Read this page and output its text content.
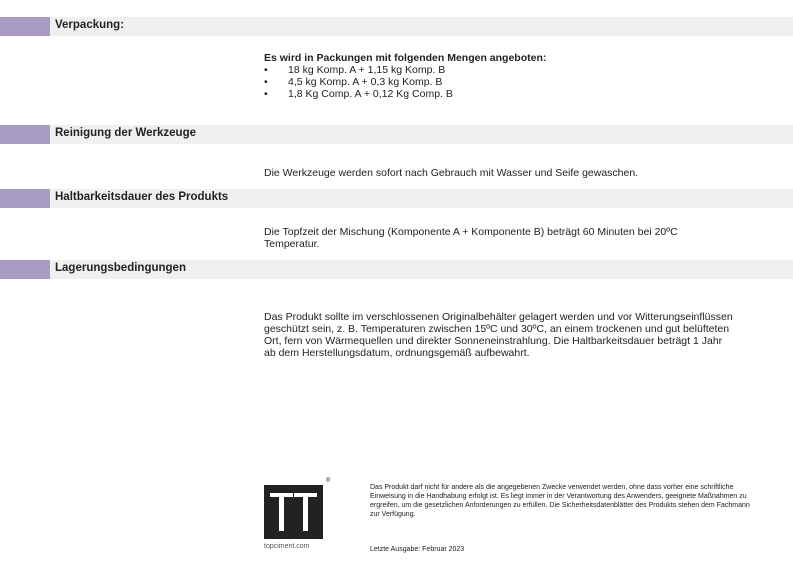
Verpackung:
Es wird in Packungen mit folgenden Mengen angeboten:
• 18 kg Komp. A + 1,15 kg Komp. B
• 4,5 kg Komp. A + 0,3 kg Komp. B
• 1,8 Kg Comp. A + 0,12 Kg Comp. B
Reinigung der Werkzeuge
Die Werkzeuge werden sofort nach Gebrauch mit Wasser und Seife gewaschen.
Haltbarkeitsdauer des Produkts
Die Topfzeit der Mischung (Komponente A + Komponente B) beträgt 60 Minuten bei 20ºC Temperatur.
Lagerungsbedingungen
Das Produkt sollte im verschlossenen Originalbehälter gelagert werden und vor Witterungseinflüssen geschützt sein, z. B. Temperaturen zwischen 15ºC und 30ºC, an einem trockenen und gut belüfteten Ort, fern von Wärmequellen und direkter Sonneneinstrahlung. Die Haltbarkeitsdauer beträgt 1 Jahr ab dem Herstellungsdatum, ordnungsgemäß aufbewahrt.
®
topciment.com
Das Produkt darf nicht für andere als die angegebenen Zwecke verwendet werden, ohne dass vorher eine schriftliche Einweisung in die Handhabung erfolgt ist. Es liegt immer in der Verantwortung des Anwenders, geeignete Maßnahmen zu ergreifen, um die gesetzlichen Anforderungen zu erfüllen. Die Sicherheitsdatenblätter des Produkts stehen dem Fachmann zur Verfügung.
Letzte Ausgabe: Februar 2023
